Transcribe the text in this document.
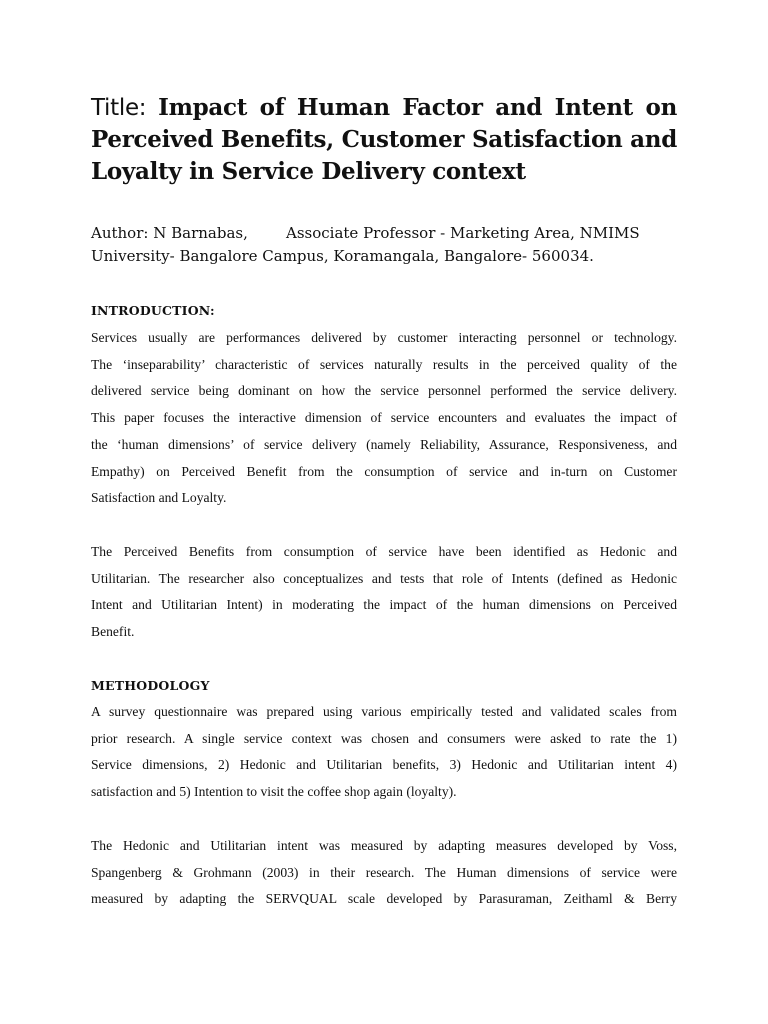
Title: Impact of Human Factor and Intent on Perceived Benefits, Customer Satisfaction and Loyalty in Service Delivery context
Author: N Barnabas,        Associate Professor - Marketing Area, NMIMS
University- Bangalore Campus, Koramangala, Bangalore- 560034.
INTRODUCTION:
Services usually are performances delivered by customer interacting personnel or technology.
The ‘inseparability’ characteristic of services naturally results in the perceived quality of the
delivered service being dominant on how the service personnel performed the service delivery.
This paper focuses the interactive dimension of service encounters and evaluates the impact of
the ‘human dimensions’ of service delivery (namely Reliability, Assurance, Responsiveness, and
Empathy) on Perceived Benefit from the consumption of service and in-turn on Customer
Satisfaction and Loyalty.
The Perceived Benefits from consumption of service have been identified as Hedonic and
Utilitarian. The researcher also conceptualizes and tests that role of Intents (defined as Hedonic
Intent and Utilitarian Intent) in moderating the impact of the human dimensions on Perceived
Benefit.
METHODOLOGY
A survey questionnaire was prepared using various empirically tested and validated scales from
prior research. A single service context was chosen and consumers were asked to rate the 1)
Service dimensions, 2) Hedonic and Utilitarian benefits, 3) Hedonic and Utilitarian intent 4)
satisfaction and 5) Intention to visit the coffee shop again (loyalty).
The Hedonic and Utilitarian intent was measured by adapting measures developed by Voss,
Spangenberg & Grohmann (2003) in their research. The Human dimensions of service were
measured by adapting the SERVQUAL scale developed by Parasuraman, Zeithaml & Berry
